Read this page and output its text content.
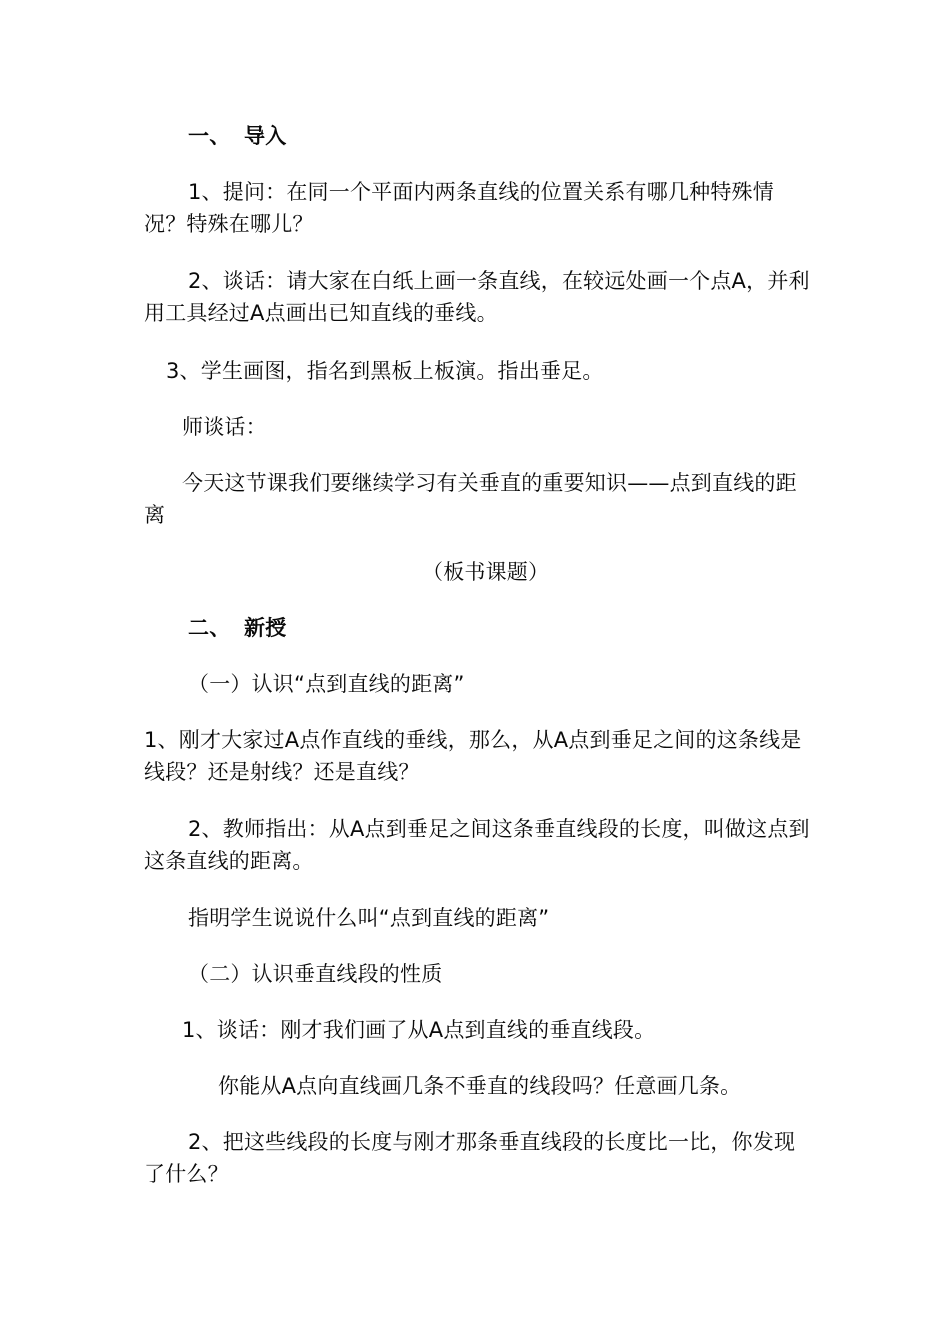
一、 导入
1、提问：在同一个平面内两条直线的位置关系有哪几种特殊情况？特殊在哪儿？
2、谈话：请大家在白纸上画一条直线，在较远处画一个点A，并利用工具经过A点画出已知直线的垂线。
3、学生画图，指名到黑板上板演。指出垂足。
师谈话：
今天这节课我们要继续学习有关垂直的重要知识——点到直线的距离
（板书课题）
二、 新授
（一）认识“点到直线的距离”
1、刚才大家过A点作直线的垂线，那么，从A点到垂足之间的这条线是线段？还是射线？还是直线？
2、教师指出：从A点到垂足之间这条垂直线段的长度，叫做这点到这条直线的距离。
指明学生说说什么叫“点到直线的距离”
（二）认识垂直线段的性质
1、谈话：刚才我们画了从A点到直线的垂直线段。
你能从A点向直线画几条不垂直的线段吗？任意画几条。
2、把这些线段的长度与刚才那条垂直线段的长度比一比，你发现了什么？
